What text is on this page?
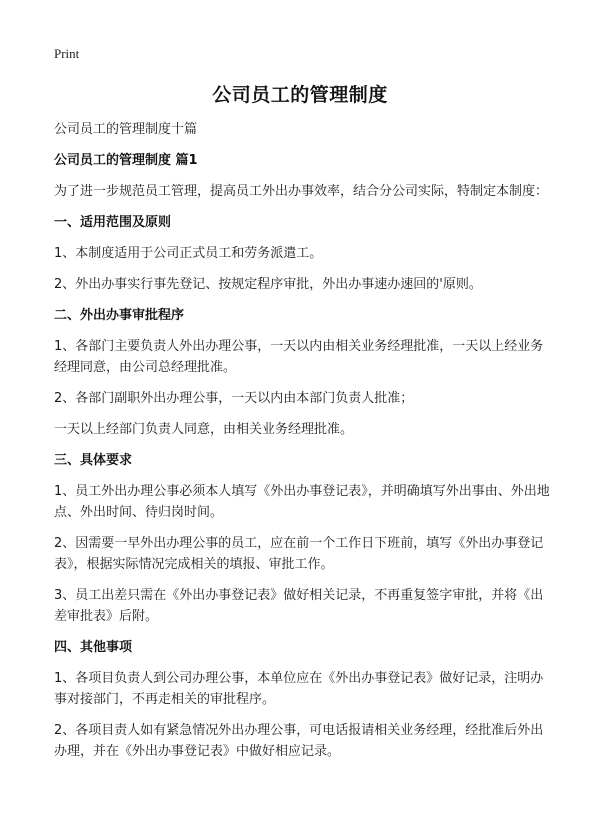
Print
公司员工的管理制度

公司员工的管理制度十篇

公司员工的管理制度 篇1

为了进一步规范员工管理，提高员工外出办事效率，结合分公司实际，特制定本制度：

一、适用范围及原则

1、本制度适用于公司正式员工和劳务派遣工。

2、外出办事实行事先登记、按规定程序审批，外出办事速办速回的'原则。

二、外出办事审批程序

1、各部门主要负责人外出办理公事，一天以内由相关业务经理批准，一天以上经业务经理同意，由公司总经理批准。

2、各部门副职外出办理公事，一天以内由本部门负责人批准；

一天以上经部门负责人同意，由相关业务经理批准。

三、具体要求

1、员工外出办理公事必须本人填写《外出办事登记表》，并明确填写外出事由、外出地点、外出时间、待归岗时间。

2、因需要一早外出办理公事的员工，应在前一个工作日下班前，填写《外出办事登记表》，根据实际情况完成相关的填报、审批工作。

3、员工出差只需在《外出办事登记表》做好相关记录，不再重复签字审批，并将《出差审批表》后附。

四、其他事项

1、各项目负责人到公司办理公事，本单位应在《外出办事登记表》做好记录，注明办事对接部门，不再走相关的审批程序。

2、各项目责人如有紧急情况外出办理公事，可电话报请相关业务经理，经批准后外出办理，并在《外出办事登记表》中做好相应记录。
